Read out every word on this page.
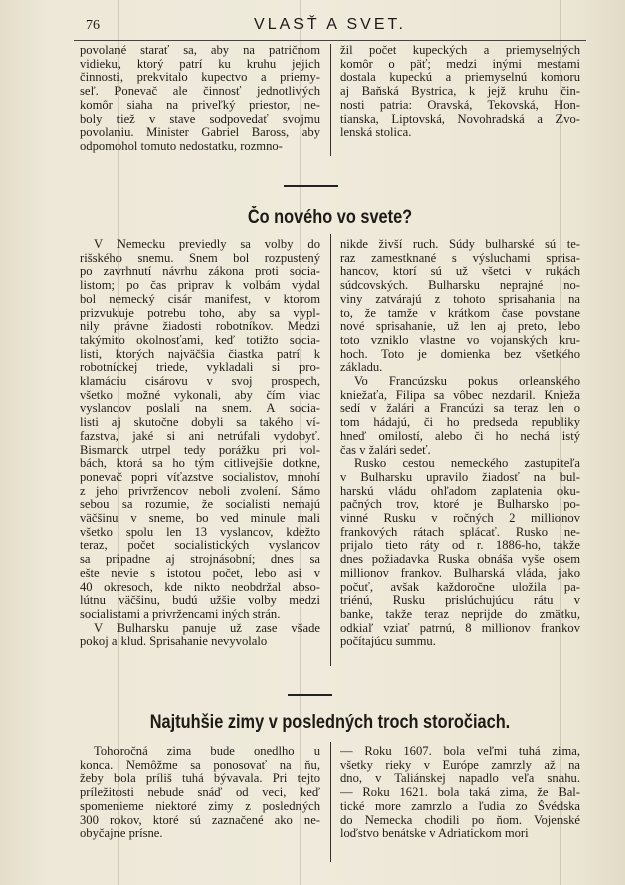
76	VLASŤ A SVET.
povolané starať sa, aby na patričnom
vidieku, ktorý patrí ku kruhu jejich
činnosti, prekvitalo kupectvo a priemy-
seľ. Ponevač ale činnosť jednotlivých
komôr siaha na priveľký priestor, ne-
boly tiež v stave sodpovedať svojmu
povolaniu. Minister Gabriel Baross, aby
odpomohol tomuto nedostatku, rozmno-
žil počet kupeckých a priemyselných
komôr o päť; medzi inými mestami
dostala kupeckú a priemyselnú komoru
aj Baňská Bystrica, k jejž kruhu čin-
nosti patria: Oravská, Tekovská, Hon-
tianska, Liptovská, Novohradská a Zvo-
lenská stolica.
Čo nového vo svete?
V Nemecku previedly sa volby do
rišského snemu. Snem bol rozpustený
po zavrhnutí návrhu zákona proti socia-
listom; po čas priprav k volbám vydal
bol nemecký cisár manifest, v ktorom
prizvukuje potrebu toho, aby sa vypl-
nily právne žiadosti robotníkov. Medzi
takýmito okolnosťami, keď totižto socia-
listi, ktorých najväčšia čiastka patrí k
robotníckej triede, vykladali si pro-
klamáciu cisárovu v svoj prospech,
všetko možné vykonali, aby čím viac
vyslancov poslali na snem. A socia-
listi aj skutočne dobyli sa takého ví-
fazstva, jaké si ani netrúfali vydobyť.
Bismarck utrpel tedy porážku pri vol-
bách, ktorá sa ho tým citlivejšie dotkne,
ponevač popri víťazstve socialistov, mnohí
z jeho privržencov neboli zvolení. Sámo
sebou sa rozumie, že socialisti nemajú
väčšinu v sneme, bo ved minule mali
všetko spolu len 13 vyslancov, kdežto
teraz, počet socialistických vyslancov
sa pripadne aj strojnásobní; dnes sa
ešte nevie s istotou počet, lebo asi v
40 okresoch, kde nikto neobdržal abso-
lútnu väčšinu, budú užšie volby medzi
socialistami a privržencami iných strán.
V Bulharsku panuje už zase všade
pokoj a klud. Sprisahanie nevyvolalo
nikde živší ruch. Súdy bulharské sú te-
raz zamestknané s výsluchami sprisa-
hancov, ktorí sú už všetci v rukách
súdcovských. Bulharsku neprajné no-
viny zatvárajú z tohoto sprisahania na
to, že tamže v krátkom čase povstane
nové sprisahanie, už len aj preto, lebo
toto vzniklo vlastne vo vojanských kru-
hoch. Toto je domienka bez všetkého
základu.
Vo Francúzsku pokus orleanského
kniežaťa, Filipa sa vôbec nezdaril. Knieža
sedí v žalári a Francúzi sa teraz len o
tom hádajú, či ho predseda republiky
hneď omilostí, alebo či ho nechá istý
čas v žalári sedeť.
Rusko cestou nemeckého zastupiteľa
v Bulharsku upravilo žiadosť na bul-
harskú vládu ohľadom zaplatenia oku-
pačných trov, ktoré je Bulharsko po-
vinné Rusku v ročných 2 millionov
frankových rátach splácať. Rusko ne-
prijalo tieto ráty od r. 1886-ho, takže
dnes požiadavka Ruska obnáša vyše osem
millionov frankov. Bulharská vláda, jako
počuť, avšak každoročne uložila pa-
triénú, Rusku prislúchujúcu rátu v
banke, takže teraz neprijde do zmätku,
odkiaľ vziať patrnú, 8 millionov frankov
počítajúcu summu.
Najtuhšie zimy v posledných troch storočiach.
Tohoročná zima bude onedlho u
konca. Nemôžme sa ponosovať na ňu,
žeby bola príliš tuhá bývavala. Pri tejto
príležitosti nebude snáď od veci, keď
spomenieme niektoré zimy z posledných
300 rokov, ktoré sú zaznačené ako ne-
obyčajne prísne.
— Roku 1607. bola veľmi tuhá zima,
všetky rieky v Európe zamrzly až na
dno, v Taliánskej napadlo veľa snahu.
— Roku 1621. bola taká zima, že Bal-
tické more zamrzlo a ľudia zo Švédska
do Nemecka chodili po ňom. Vojenské
loďstvo benátske v Adriatickom mori
